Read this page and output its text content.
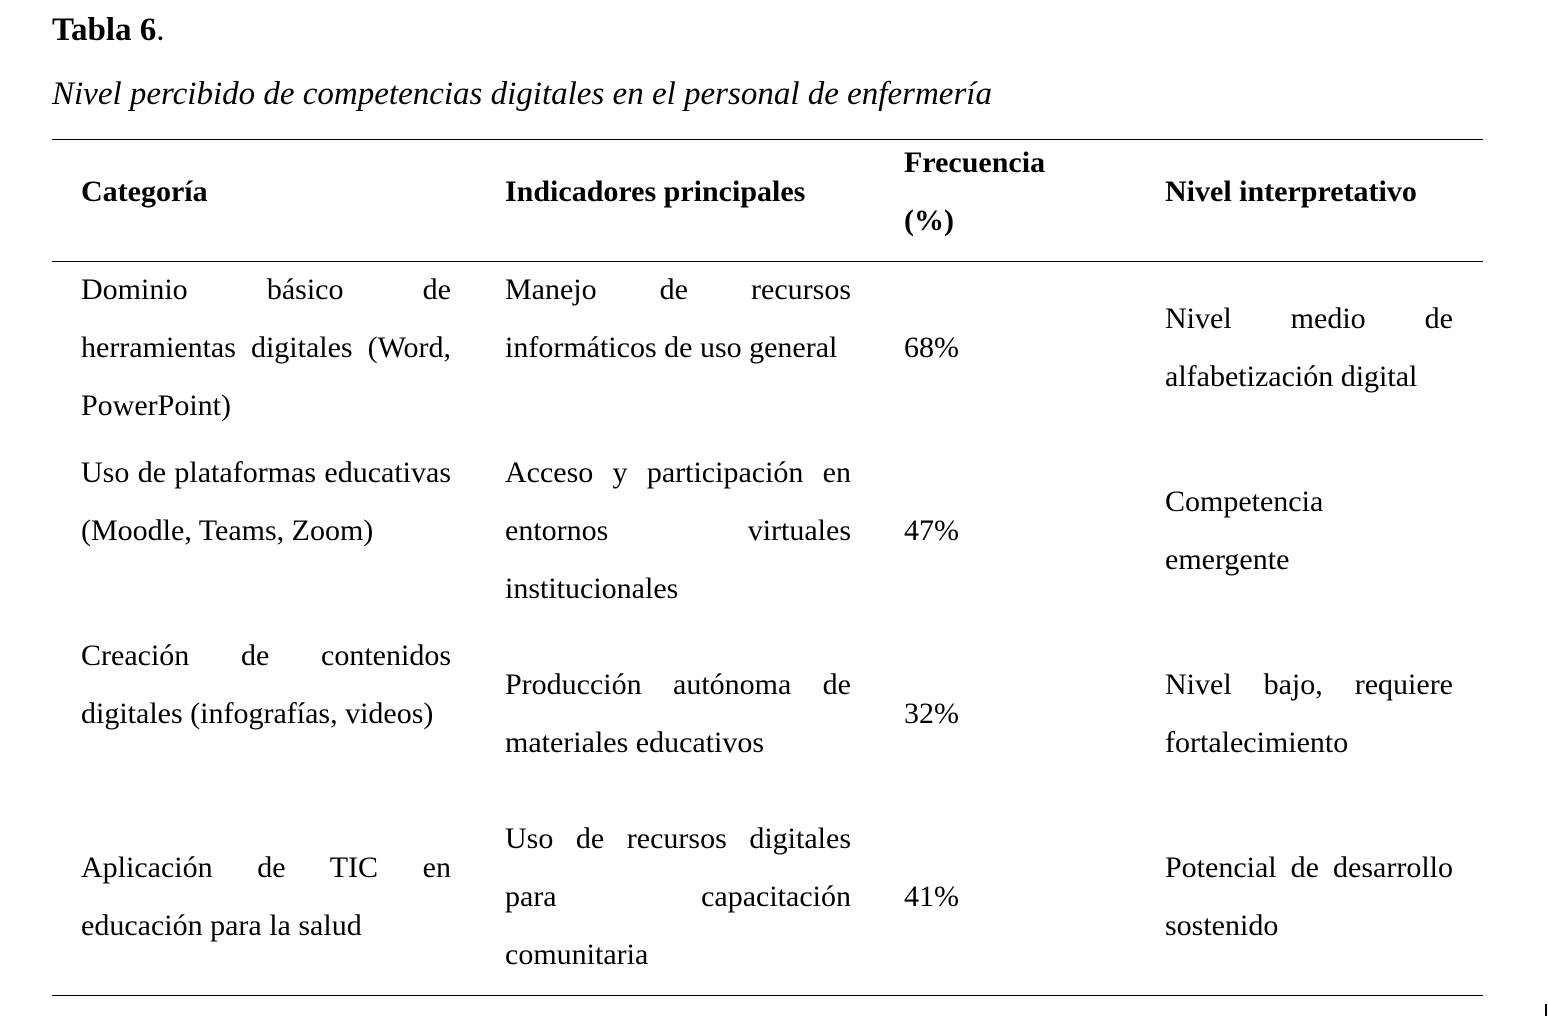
Tabla 6.
Nivel percibido de competencias digitales en el personal de enfermería
Categoría	Indicadores principales
Frecuencia
(%)
Nivel interpretativo
Dominio básico de herramientas digitales (Word, PowerPoint)
Manejo de recursos informáticos de uso general	68%
Nivel medio de alfabetización digital
Uso de plataformas educativas (Moodle, Teams, Zoom)
Acceso y participación en entornos virtuales institucionales
47%
Competencia emergente
Creación de contenidos digitales (infografías, videos)
Producción autónoma de materiales educativos
32%
Nivel bajo, requiere fortalecimiento
Aplicación de TIC en educación para la salud
Uso de recursos digitales para capacitación comunitaria
41%
Potencial de desarrollo sostenido
